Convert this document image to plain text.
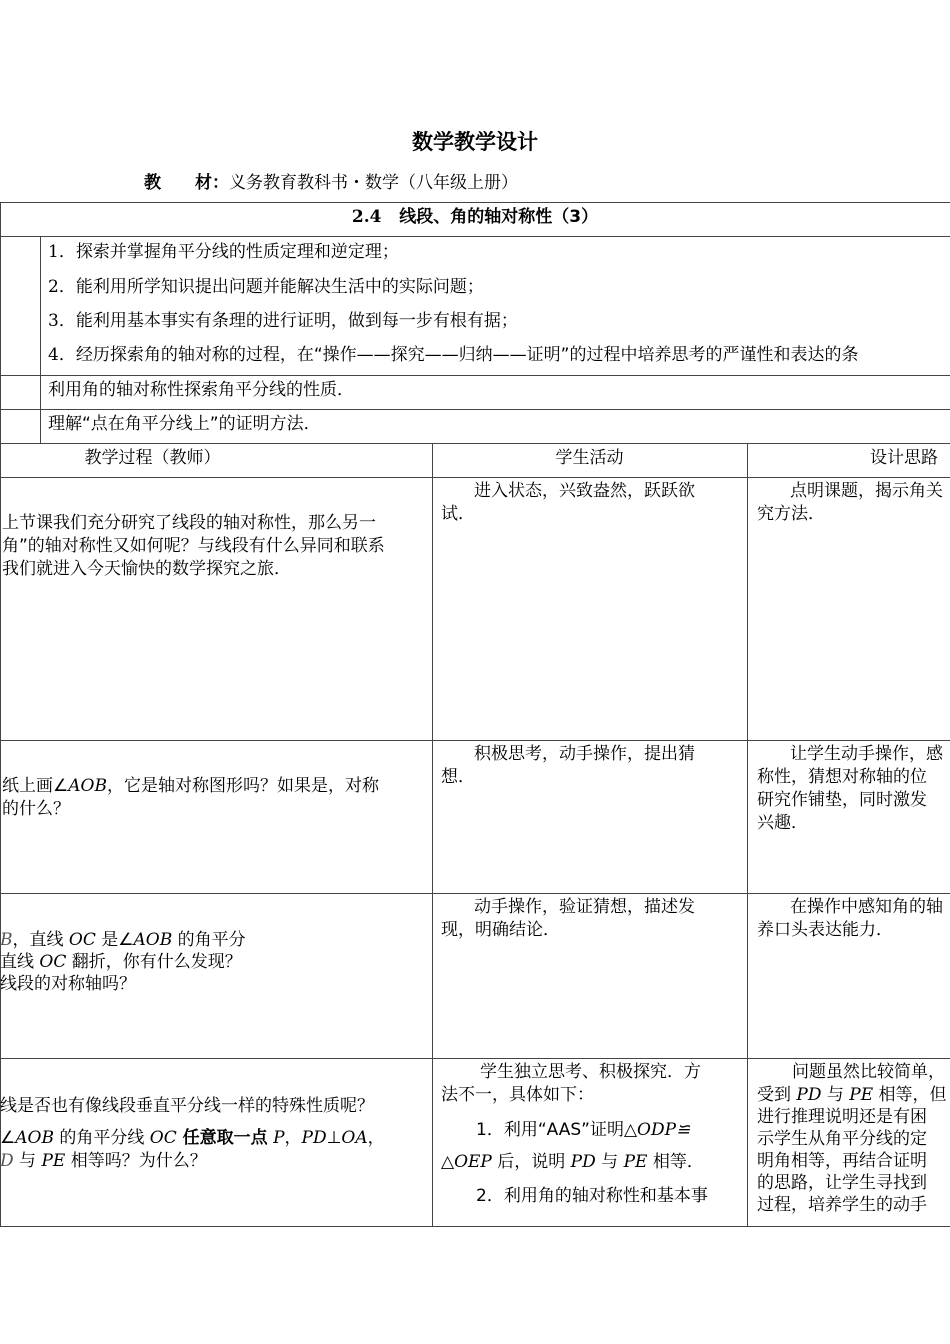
数学教学设计
教　　材：义务教育教科书・数学（八年级上册）
2.4 线段、角的轴对称性（3）
1．探索并掌握角平分线的性质定理和逆定理；
2．能利用所学知识提出问题并能解决生活中的实际问题；
3．能利用基本事实有条理的进行证明，做到每一步有根有据；
4．经历探索角的轴对称的过程，在“操作——探究——归纳——证明”的过程中培养思考的严谨性和表达的条
利用角的轴对称性探索角平分线的性质．
理解“点在角平分线上”的证明方法．
教学过程（教师）	学生活动	设计思路
上节课我们充分研究了线段的轴对称性，那么另一
角”的轴对称性又如何呢？与线段有什么异同和联系
我们就进入今天愉快的数学探究之旅．
进入状态，兴致盎然，跃跃欲
试．
点明课题，揭示角关
究方法．
纸上画∠AOB，它是轴对称图形吗？如果是，对称
的什么？
积极思考，动手操作，提出猜
想．
让学生动手操作，感
称性，猜想对称轴的位
研究作铺垫，同时激发
兴趣．
B，直线 OC 是∠AOB 的角平分
直线 OC 翻折，你有什么发现？
线段的对称轴吗？
动手操作，验证猜想，描述发
现，明确结论．
在操作中感知角的轴
养口头表达能力．
线是否也有像线段垂直平分线一样的特殊性质呢？
∠AOB 的角平分线 OC 任意取一点 P，PD⊥OA，
D 与 PE 相等吗？为什么？
学生独立思考、积极探究．方
法不一，具体如下：
1．利用“AAS”证明△ODP≌
△OEP 后，说明 PD 与 PE 相等．
2．利用角的轴对称性和基本事
问题虽然比较简单，
受到 PD 与 PE 相等，但
进行推理说明还是有困
示学生从角平分线的定
明角相等，再结合证明
的思路，让学生寻找到
过程，培养学生的动手
